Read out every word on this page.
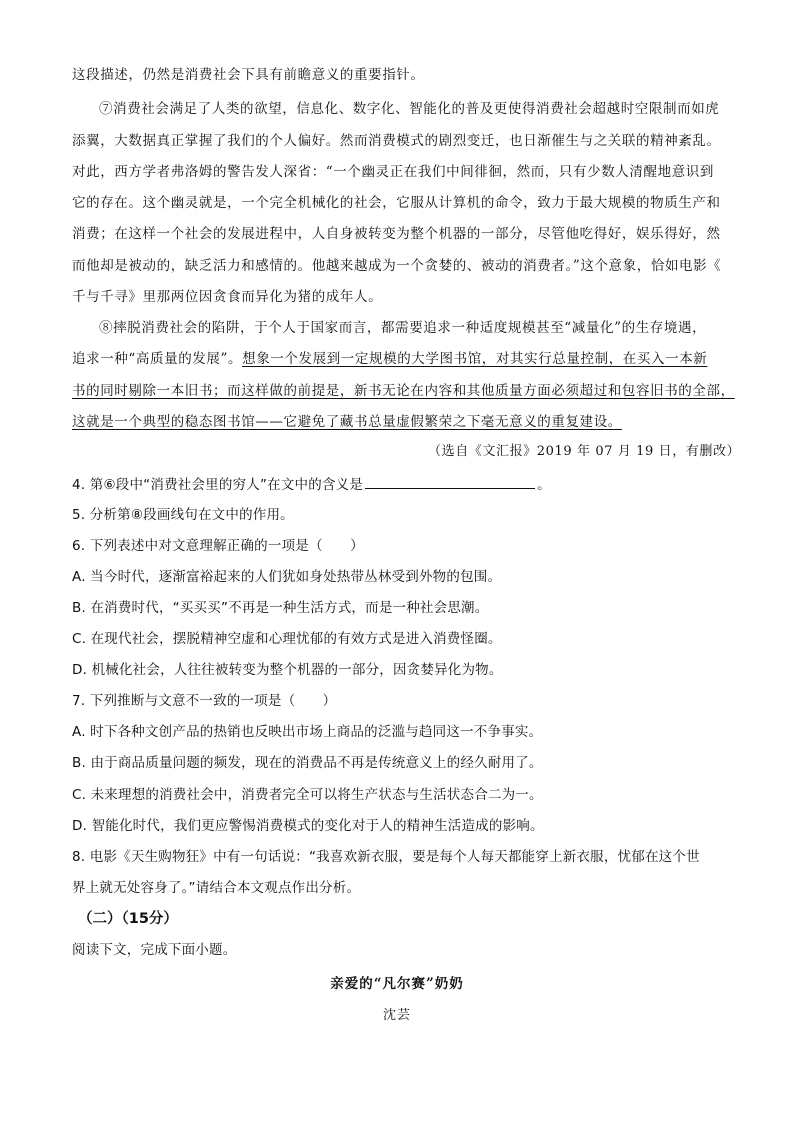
这段描述，仍然是消费社会下具有前瞻意义的重要指针。
⑦消费社会满足了人类的欲望，信息化、数字化、智能化的普及更使得消费社会超越时空限制而如虎
添翼，大数据真正掌握了我们的个人偏好。然而消费模式的剧烈变迁，也日渐催生与之关联的精神紊乱。
对此，西方学者弗洛姆的警告发人深省：“一个幽灵正在我们中间徘徊，然而，只有少数人清醒地意识到
它的存在。这个幽灵就是，一个完全机械化的社会，它服从计算机的命令，致力于最大规模的物质生产和
消费；在这样一个社会的发展进程中，人自身被转变为整个机器的一部分，尽管他吃得好，娱乐得好，然
而他却是被动的，缺乏活力和感情的。他越来越成为一个贪婪的、被动的消费者。”这个意象，恰如电影《
千与千寻》里那两位因贪食而异化为猪的成年人。
⑧摔脱消费社会的陷阱，于个人于国家而言，都需要追求一种适度规模甚至“减量化”的生存境遇，
追求一种“高质量的发展”。想象一个发展到一定规模的大学图书馆，对其实行总量控制，在买入一本新
书的同时剔除一本旧书；而这样做的前提是，新书无论在内容和其他质量方面必须超过和包容旧书的全部，
这就是一个典型的稳态图书馆——它避免了藏书总量虚假繁荣之下毫无意义的重复建设。
（选自《文汇报》2019 年 07 月 19 日，有删改）
4. 第⑥段中“消费社会里的穷人”在文中的含义是	。
5. 分析第⑧段画线句在文中的作用。
6. 下列表述中对文意理解正确的一项是（　　）
A. 当今时代，逐渐富裕起来的人们犹如身处热带丛林受到外物的包围。
B. 在消费时代，“买买买”不再是一种生活方式，而是一种社会思潮。
C. 在现代社会，摆脱精神空虚和心理忧郁的有效方式是进入消费怪圈。
D. 机械化社会，人往往被转变为整个机器的一部分，因贪婪异化为物。
7. 下列推断与文意不一致的一项是（　　）
A. 时下各种文创产品的热销也反映出市场上商品的泛滥与趋同这一不争事实。
B. 由于商品质量问题的频发，现在的消费品不再是传统意义上的经久耐用了。
C. 未来理想的消费社会中，消费者完全可以将生产状态与生活状态合二为一。
D. 智能化时代，我们更应警惕消费模式的变化对于人的精神生活造成的影响。
8. 电影《天生购物狂》中有一句话说：“我喜欢新衣服，要是每个人每天都能穿上新衣服，忧郁在这个世
界上就无处容身了。”请结合本文观点作出分析。
（二）（15分）
阅读下文，完成下面小题。
亲爱的“凡尔赛”奶奶
沈芸
